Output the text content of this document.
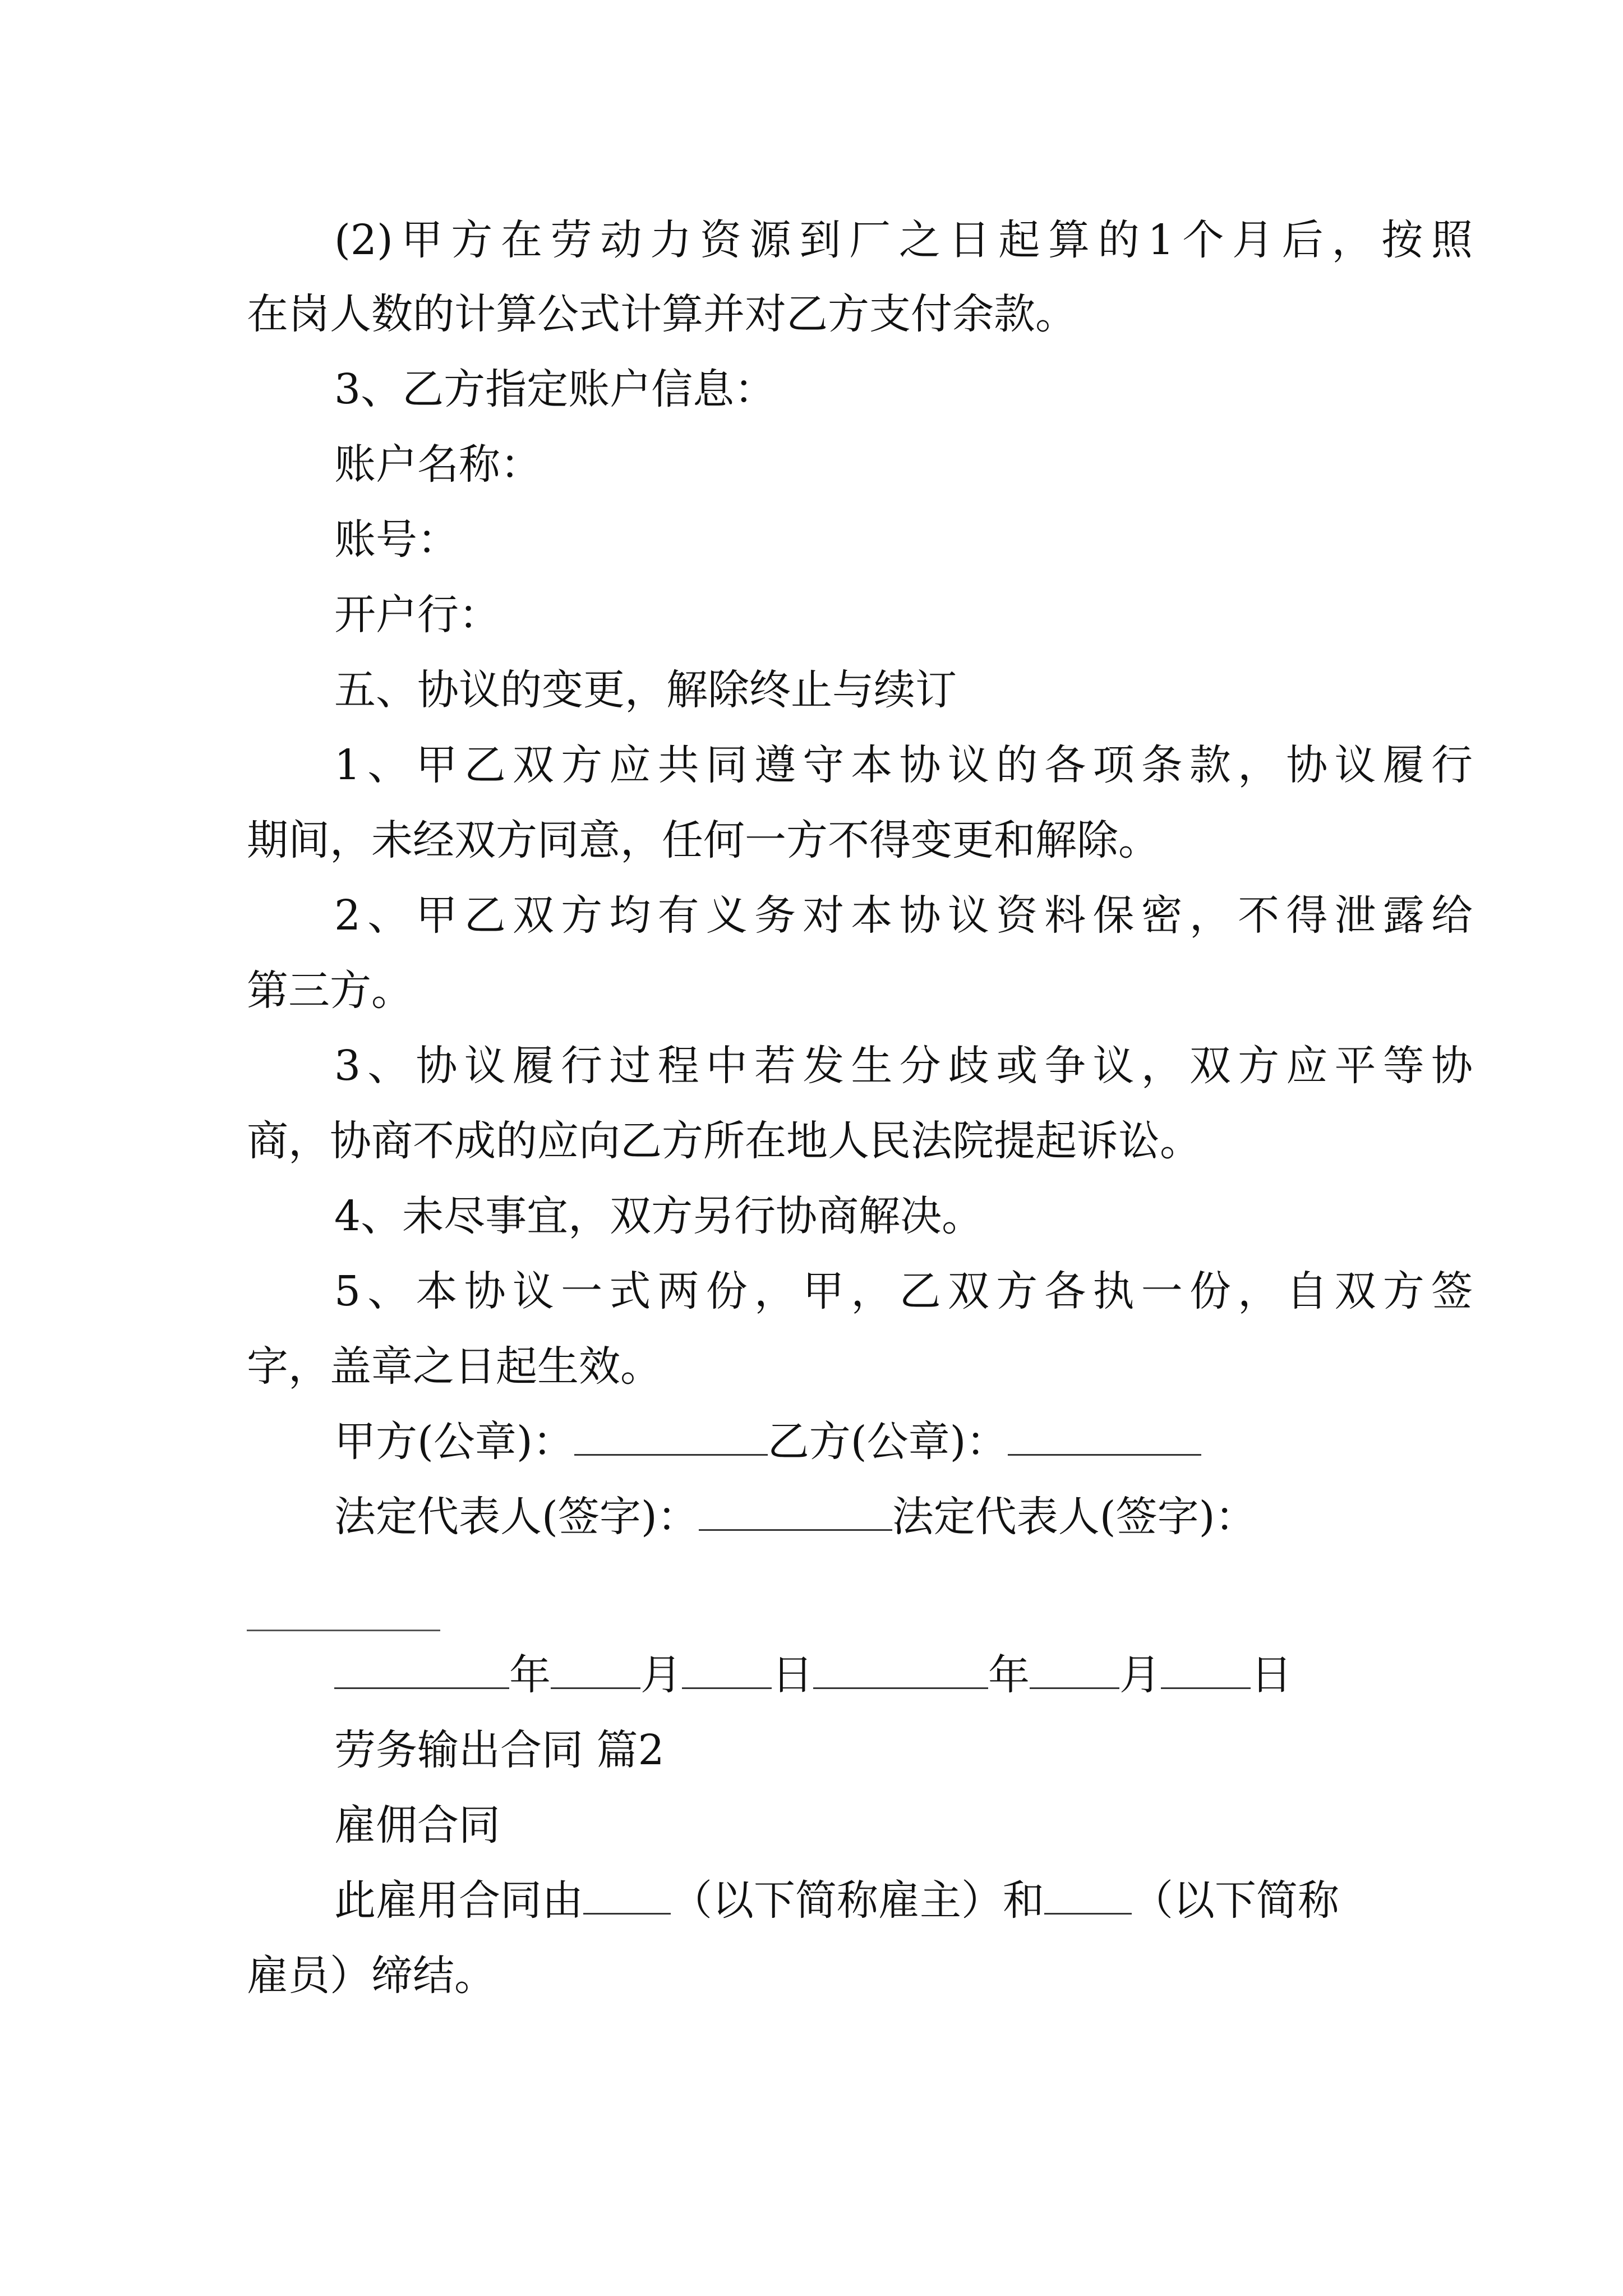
(2)甲方在劳动力资源到厂之日起算的1个月后，按照
在岗人数的计算公式计算并对乙方支付余款。
3、乙方指定账户信息：
账户名称：
账号：
开户行：
五、协议的变更，解除终止与续订
1、甲乙双方应共同遵守本协议的各项条款，协议履行
期间，未经双方同意，任何一方不得变更和解除。
2、甲乙双方均有义务对本协议资料保密，不得泄露给
第三方。
3、协议履行过程中若发生分歧或争议，双方应平等协
商，协商不成的应向乙方所在地人民法院提起诉讼。
4、未尽事宜，双方另行协商解决。
5、本协议一式两份，甲，乙双方各执一份，自双方签
字，盖章之日起生效。
甲方(公章)：	乙方(公章)：
法定代表人(签字)：	法定代表人(签字)：
年 月 日	年 月 日
劳务输出合同 篇2
雇佣合同
此雇用合同由 （以下简称雇主）和 （以下简称
雇员）缔结。
